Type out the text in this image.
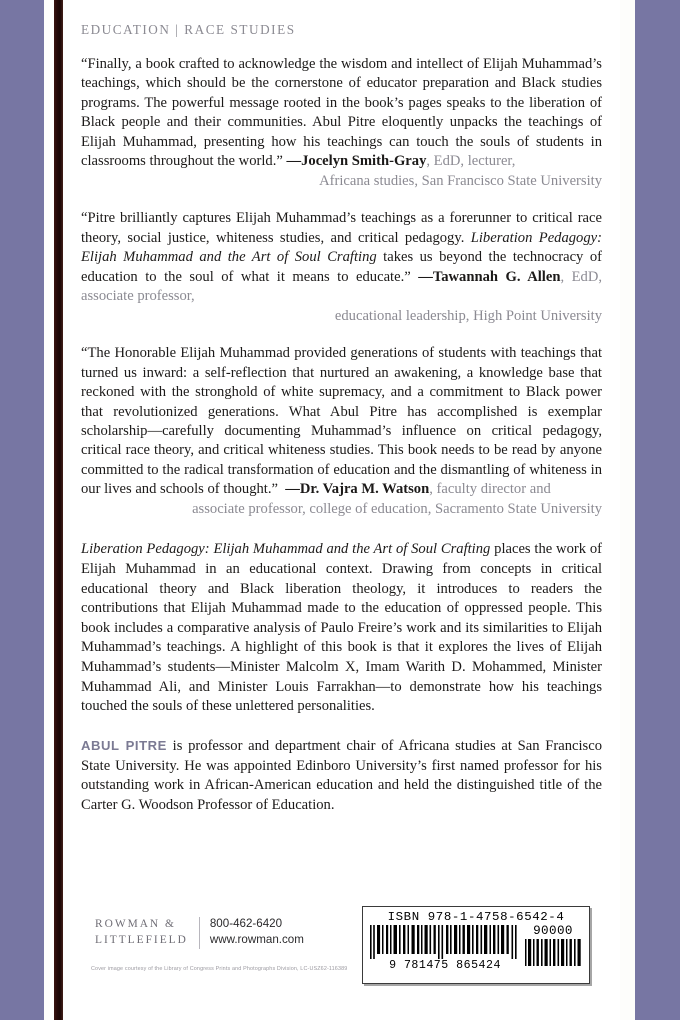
EDUCATION | RACE STUDIES
“Finally, a book crafted to acknowledge the wisdom and intellect of Elijah Muhammad’s teachings, which should be the cornerstone of educator preparation and Black studies programs. The powerful message rooted in the book’s pages speaks to the liberation of Black people and their communities. Abul Pitre eloquently unpacks the teachings of Elijah Muhammad, presenting how his teachings can touch the souls of students in classrooms throughout the world.” —Jocelyn Smith-Gray, EdD, lecturer,
Africana studies, San Francisco State University
“Pitre brilliantly captures Elijah Muhammad’s teachings as a forerunner to critical race theory, social justice, whiteness studies, and critical pedagogy. Liberation Pedagogy: Elijah Muhammad and the Art of Soul Crafting takes us beyond the technocracy of education to the soul of what it means to educate.” —Tawannah G. Allen, EdD, associate professor,
educational leadership, High Point University
“The Honorable Elijah Muhammad provided generations of students with teachings that turned us inward: a self-reflection that nurtured an awakening, a knowledge base that reckoned with the stronghold of white supremacy, and a commitment to Black power that revolutionized generations. What Abul Pitre has accomplished is exemplar scholarship—carefully documenting Muhammad’s influence on critical pedagogy, critical race theory, and critical whiteness studies. This book needs to be read by anyone committed to the radical transformation of education and the dismantling of whiteness in our lives and schools of thought.” —Dr. Vajra M. Watson, faculty director and
associate professor, college of education, Sacramento State University
Liberation Pedagogy: Elijah Muhammad and the Art of Soul Crafting places the work of Elijah Muhammad in an educational context. Drawing from concepts in critical educational theory and Black liberation theology, it introduces to readers the contributions that Elijah Muhammad made to the education of oppressed people. This book includes a comparative analysis of Paulo Freire’s work and its similarities to Elijah Muhammad’s teachings. A highlight of this book is that it explores the lives of Elijah Muhammad’s students—Minister Malcolm X, Imam Warith D. Mohammed, Minister Muhammad Ali, and Minister Louis Farrakhan—to demonstrate how his teachings touched the souls of these unlettered personalities.
ABUL PITRE is professor and department chair of Africana studies at San Francisco State University. He was appointed Edinboro University’s first named professor for his outstanding work in African-American education and held the distinguished title of the Carter G. Woodson Professor of Education.
ROWMAN &
LITTLEFIELD
800-462-6420
www.rowman.com
Cover image courtesy of the Library of Congress Prints and Photographs Division, LC-USZ62-116389
ISBN 978-1-4758-6542-4
9 781475 865424
90000
